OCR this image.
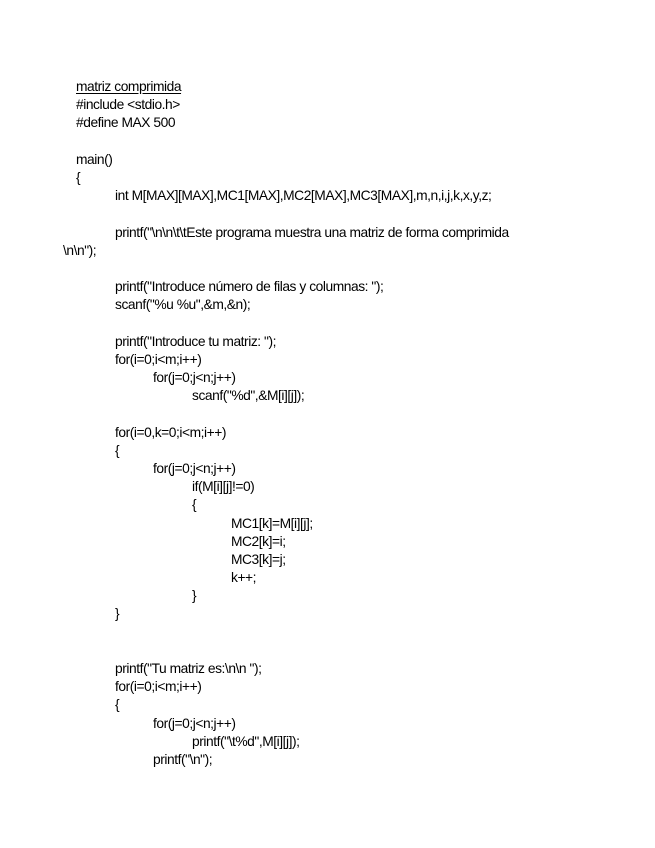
matriz comprimida
#include <stdio.h>
#define MAX 500
main()
{
int M[MAX][MAX],MC1[MAX],MC2[MAX],MC3[MAX],m,n,i,j,k,x,y,z;
printf("\n\n\t\tEste programa muestra una matriz de forma comprimida
\n\n");
printf("Introduce número de filas y columnas: ");
scanf("%u %u",&m,&n);
printf("Introduce tu matriz: ");
for(i=0;i<m;i++)
for(j=0;j<n;j++)
scanf("%d",&M[i][j]);
for(i=0,k=0;i<m;i++)
{
for(j=0;j<n;j++)
if(M[i][j]!=0)
{
MC1[k]=M[i][j];
MC2[k]=i;
MC3[k]=j;
k++;
}
}
printf("Tu matriz es:\n\n ");
for(i=0;i<m;i++)
{
for(j=0;j<n;j++)
printf("\t%d",M[i][j]);
printf("\n");
